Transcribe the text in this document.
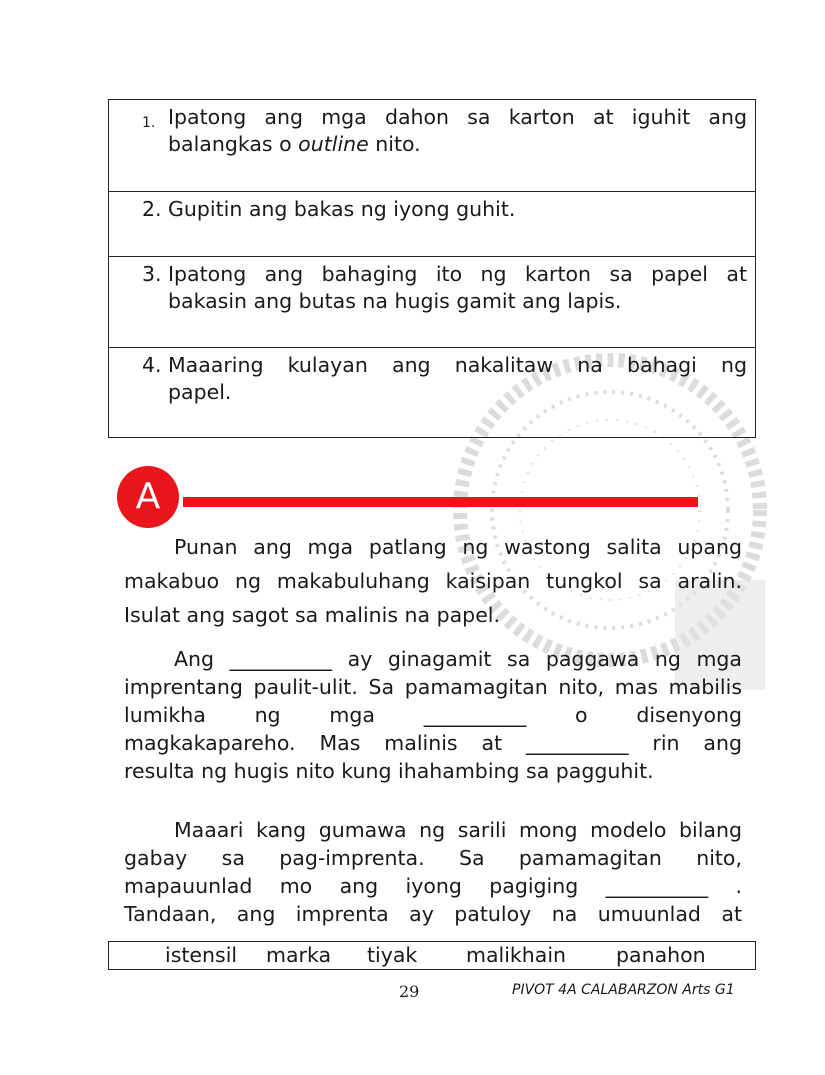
1. Ipatong ang mga dahon sa karton at iguhit ang
balangkas o outline nito.
2. Gupitin ang bakas ng iyong guhit.
3. Ipatong ang bahaging ito ng karton sa papel at
bakasin ang butas na hugis gamit ang lapis.
4. Maaaring kulayan ang nakalitaw na bahagi ng
papel.
A
Punan ang mga patlang ng wastong salita upang
makabuo ng makabuluhang kaisipan tungkol sa aralin.
Isulat ang sagot sa malinis na papel.
Ang __________ ay ginagamit sa paggawa ng mga
imprentang paulit-ulit. Sa pamamagitan nito, mas mabilis
lumikha ng mga __________ o disenyong
magkakapareho. Mas malinis at __________ rin ang
resulta ng hugis nito kung ihahambing sa pagguhit.
Maaari kang gumawa ng sarili mong modelo bilang
gabay sa pag-imprenta. Sa pamamagitan nito,
mapauunlad mo ang iyong pagiging __________ .
Tandaan, ang imprenta ay patuloy na umuunlad at
istensil marka tiyak malikhain panahon
29	PIVOT 4A CALABARZON Arts G1
